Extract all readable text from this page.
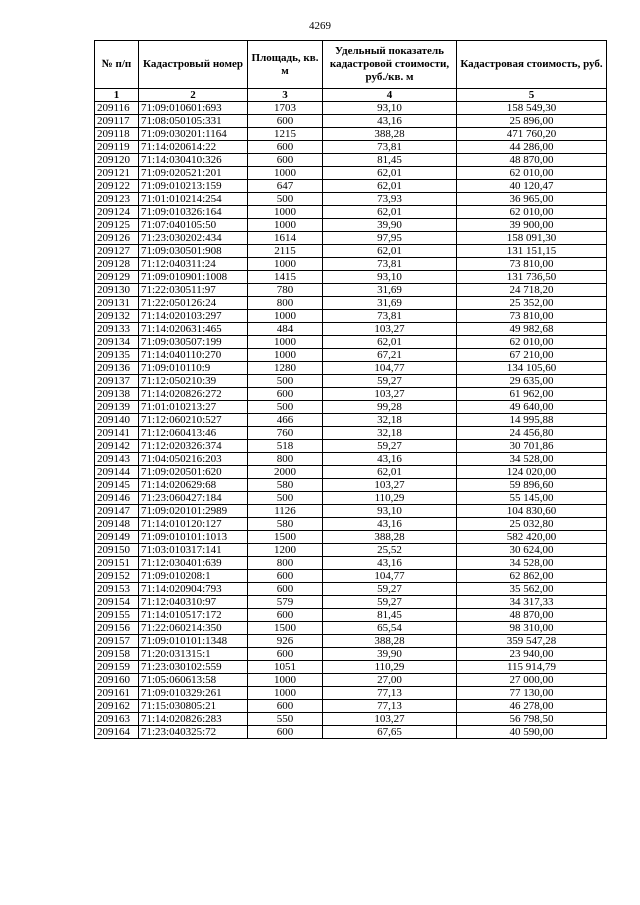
4269
№ п/п	Кадастровый номер	Площадь, кв. м	Удельный показатель кадастровой стоимости, руб./кв. м	Кадастровая стоимость, руб.
1	2	3	4	5
209116	71:09:010601:693	1703	93,10	158 549,30
209117	71:08:050105:331	600	43,16	25 896,00
209118	71:09:030201:1164	1215	388,28	471 760,20
209119	71:14:020614:22	600	73,81	44 286,00
209120	71:14:030410:326	600	81,45	48 870,00
209121	71:09:020521:201	1000	62,01	62 010,00
209122	71:09:010213:159	647	62,01	40 120,47
209123	71:01:010214:254	500	73,93	36 965,00
209124	71:09:010326:164	1000	62,01	62 010,00
209125	71:07:040105:50	1000	39,90	39 900,00
209126	71:23:030202:434	1614	97,95	158 091,30
209127	71:09:030501:908	2115	62,01	131 151,15
209128	71:12:040311:24	1000	73,81	73 810,00
209129	71:09:010901:1008	1415	93,10	131 736,50
209130	71:22:030511:97	780	31,69	24 718,20
209131	71:22:050126:24	800	31,69	25 352,00
209132	71:14:020103:297	1000	73,81	73 810,00
209133	71:14:020631:465	484	103,27	49 982,68
209134	71:09:030507:199	1000	62,01	62 010,00
209135	71:14:040110:270	1000	67,21	67 210,00
209136	71:09:010110:9	1280	104,77	134 105,60
209137	71:12:050210:39	500	59,27	29 635,00
209138	71:14:020826:272	600	103,27	61 962,00
209139	71:01:010213:27	500	99,28	49 640,00
209140	71:12:060210:527	466	32,18	14 995,88
209141	71:12:060413:46	760	32,18	24 456,80
209142	71:12:020326:374	518	59,27	30 701,86
209143	71:04:050216:203	800	43,16	34 528,00
209144	71:09:020501:620	2000	62,01	124 020,00
209145	71:14:020629:68	580	103,27	59 896,60
209146	71:23:060427:184	500	110,29	55 145,00
209147	71:09:020101:2989	1126	93,10	104 830,60
209148	71:14:010120:127	580	43,16	25 032,80
209149	71:09:010101:1013	1500	388,28	582 420,00
209150	71:03:010317:141	1200	25,52	30 624,00
209151	71:12:030401:639	800	43,16	34 528,00
209152	71:09:010208:1	600	104,77	62 862,00
209153	71:14:020904:793	600	59,27	35 562,00
209154	71:12:040310:97	579	59,27	34 317,33
209155	71:14:010517:172	600	81,45	48 870,00
209156	71:22:060214:350	1500	65,54	98 310,00
209157	71:09:010101:1348	926	388,28	359 547,28
209158	71:20:031315:1	600	39,90	23 940,00
209159	71:23:030102:559	1051	110,29	115 914,79
209160	71:05:060613:58	1000	27,00	27 000,00
209161	71:09:010329:261	1000	77,13	77 130,00
209162	71:15:030805:21	600	77,13	46 278,00
209163	71:14:020826:283	550	103,27	56 798,50
209164	71:23:040325:72	600	67,65	40 590,00
